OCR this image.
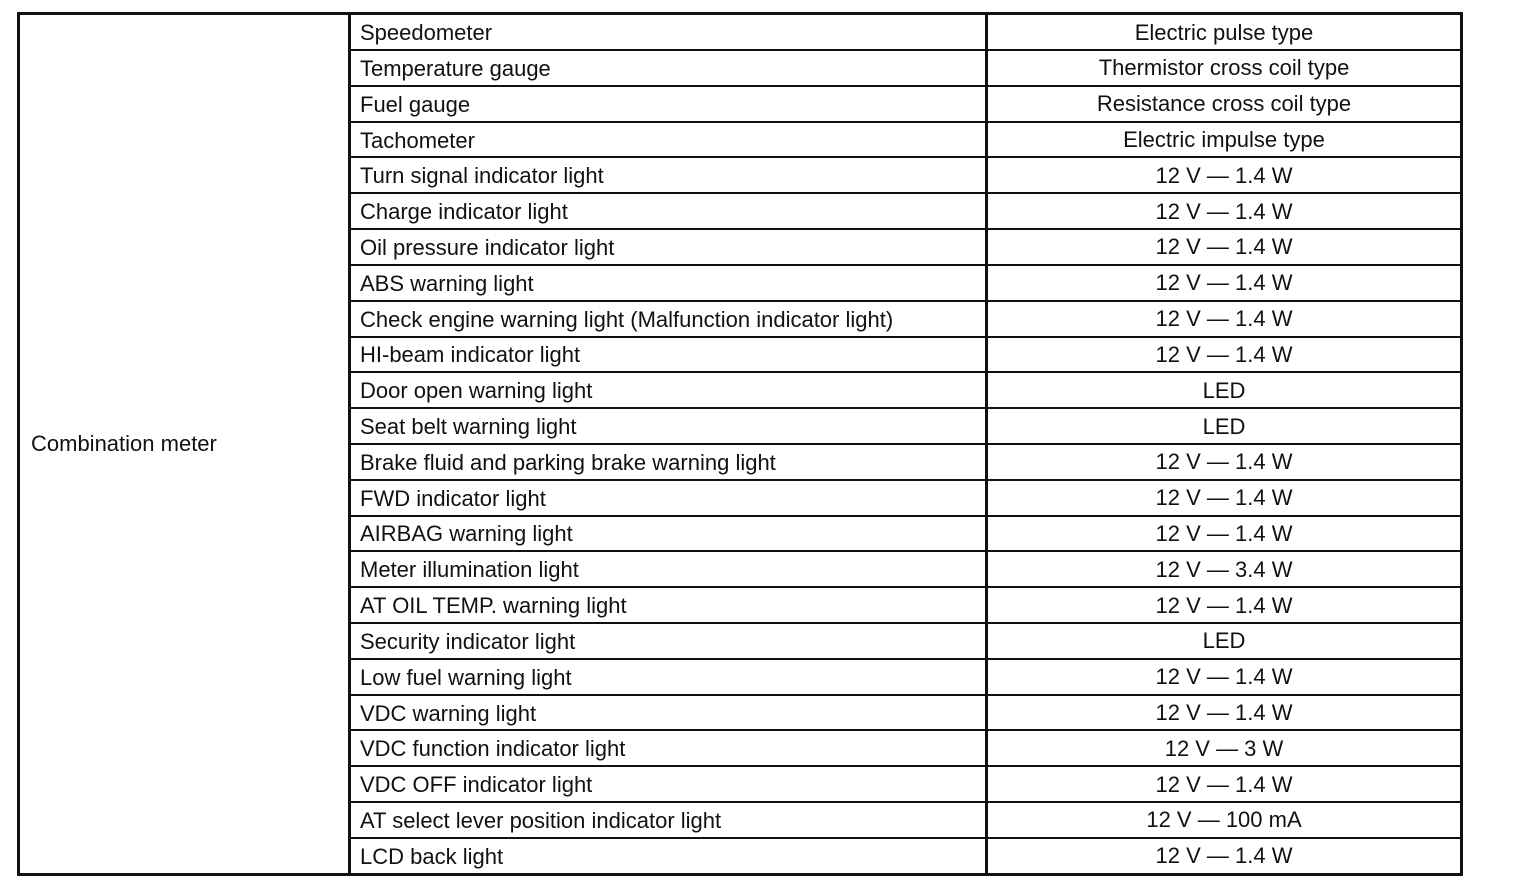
Combination meter	Speedometer	Electric pulse type
	Temperature gauge	Thermistor cross coil type
	Fuel gauge	Resistance cross coil type
	Tachometer	Electric impulse type
	Turn signal indicator light	12 V — 1.4 W
	Charge indicator light	12 V — 1.4 W
	Oil pressure indicator light	12 V — 1.4 W
	ABS warning light	12 V — 1.4 W
	Check engine warning light (Malfunction indicator light)	12 V — 1.4 W
	HI-beam indicator light	12 V — 1.4 W
	Door open warning light	LED
	Seat belt warning light	LED
	Brake fluid and parking brake warning light	12 V — 1.4 W
	FWD indicator light	12 V — 1.4 W
	AIRBAG warning light	12 V — 1.4 W
	Meter illumination light	12 V — 3.4 W
	AT OIL TEMP. warning light	12 V — 1.4 W
	Security indicator light	LED
	Low fuel warning light	12 V — 1.4 W
	VDC warning light	12 V — 1.4 W
	VDC function indicator light	12 V — 3 W
	VDC OFF indicator light	12 V — 1.4 W
	AT select lever position indicator light	12 V — 100 mA
	LCD back light	12 V — 1.4 W
